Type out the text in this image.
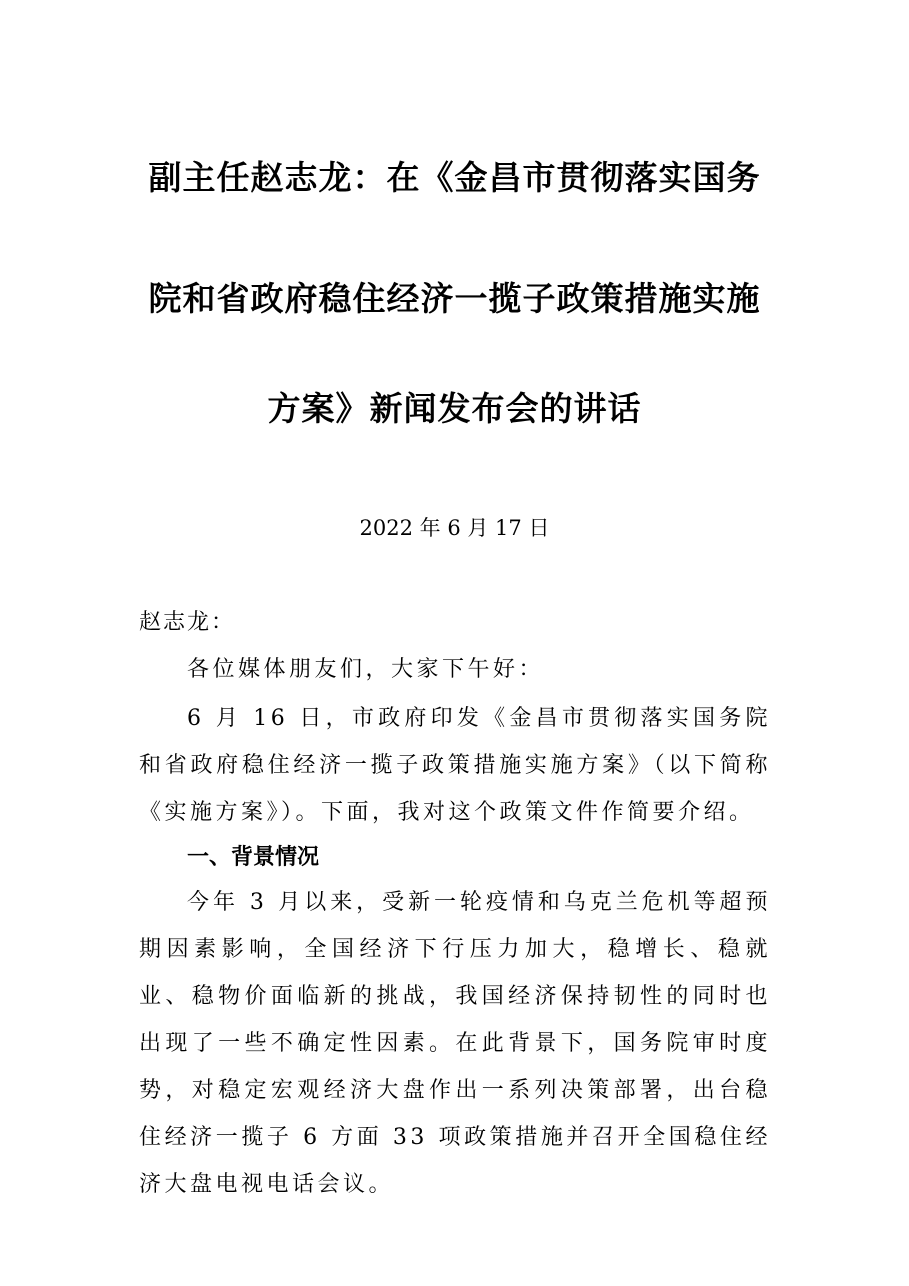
副主任赵志龙：在《金昌市贯彻落实国务
院和省政府稳住经济一揽子政策措施实施
方案》新闻发布会的讲话
2022 年 6 月 17 日
赵志龙：
各位媒体朋友们，大家下午好：
6 月 16 日，市政府印发《金昌市贯彻落实国务院和省政府稳住经济一揽子政策措施实施方案》（以下简称《实施方案》）。下面，我对这个政策文件作简要介绍。
一、背景情况
今年 3 月以来，受新一轮疫情和乌克兰危机等超预期因素影响，全国经济下行压力加大，稳增长、稳就业、稳物价面临新的挑战，我国经济保持韧性的同时也出现了一些不确定性因素。在此背景下，国务院审时度势，对稳定宏观经济大盘作出一系列决策部署，出台稳住经济一揽子 6 方面 33 项政策措施并召开全国稳住经济大盘电视电话会议。
